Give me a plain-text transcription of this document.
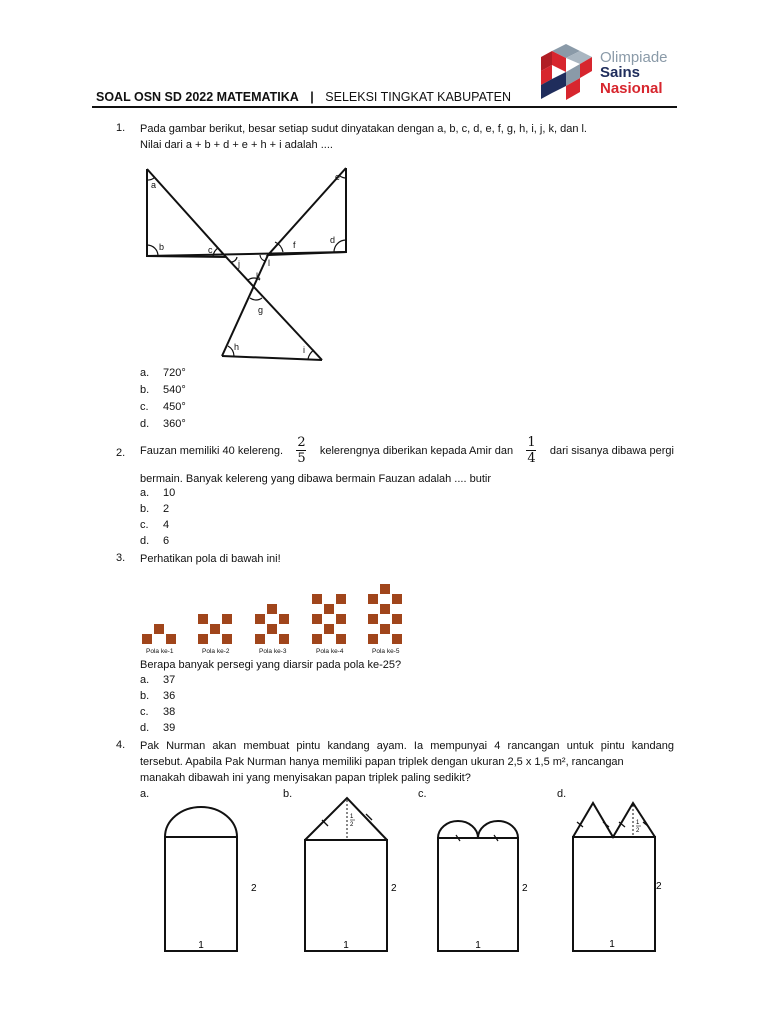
Olimpiade
Sains
Nasional
SOAL OSN SD 2022 MATEMATIKA | SELEKSI TINGKAT KABUPATEN
1. Pada gambar berikut, besar setiap sudut dinyatakan dengan a, b, c, d, e, f, g, h, i, j, k, dan l.
Nilai dari a + b + d + e + h + i adalah ....
a
b	c
j	l
f	d
e
k
g
h	i
a. 720°
b. 540°
c. 450°
d. 360°
2. Fauzan memiliki 40 kelereng. $\frac{2}{5}$ kelerengnya diberikan kepada Amir dan $\frac{1}{4}$ dari sisanya dibawa pergi
bermain. Banyak kelereng yang dibawa bermain Fauzan adalah .... butir
a. 10
b. 2
c. 4
d. 6
3. Perhatikan pola di bawah ini!
Pola ke-1	Pola ke-2	Pola ke-3	Pola ke-4	Pola ke-5
Berapa banyak persegi yang diarsir pada pola ke-25?
a. 37
b. 36
c. 38
d. 39
4. Pak Nurman akan membuat pintu kandang ayam. Ia mempunyai 4 rancangan untuk pintu kandang
tersebut. Apabila Pak Nurman hanya memiliki papan triplek dengan ukuran 2,5 x 1,5 m², rancangan
manakah dibawah ini yang menyisakan papan triplek paling sedikit?
a.	b.	c.	d.
2
1
1
2
2
1
2
1
1
2
2
1
